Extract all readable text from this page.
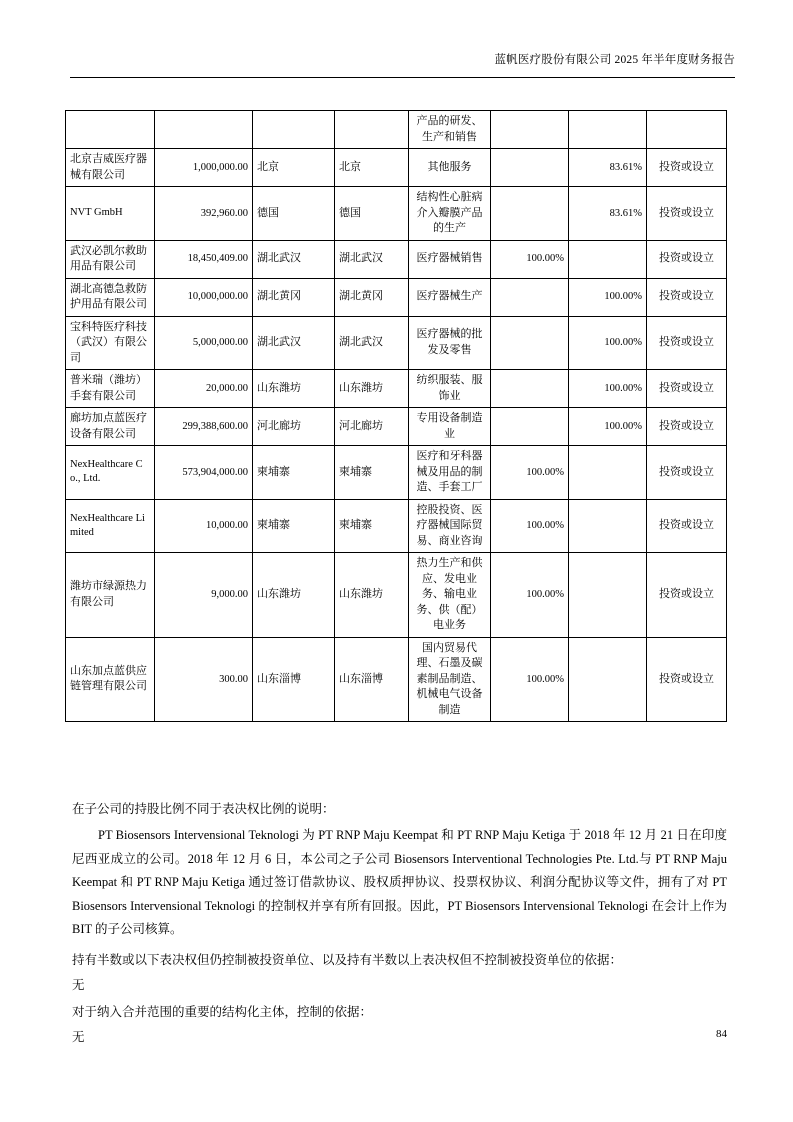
蓝帆医疗股份有限公司 2025 年半年度财务报告
				产品的研发、生产和销售			
北京吉威医疗器械有限公司	1,000,000.00	北京	北京	其他服务		83.61%	投资或设立
NVT GmbH	392,960.00	德国	德国	结构性心脏病介入瓣膜产品的生产		83.61%	投资或设立
武汉必凯尔救助用品有限公司	18,450,409.00	湖北武汉	湖北武汉	医疗器械销售	100.00%		投资或设立
湖北高德急救防护用品有限公司	10,000,000.00	湖北黄冈	湖北黄冈	医疗器械生产		100.00%	投资或设立
宝科特医疗科技（武汉）有限公司	5,000,000.00	湖北武汉	湖北武汉	医疗器械的批发及零售		100.00%	投资或设立
普米瑞（潍坊）手套有限公司	20,000.00	山东潍坊	山东潍坊	纺织服装、服饰业		100.00%	投资或设立
廊坊加点蓝医疗设备有限公司	299,388,600.00	河北廊坊	河北廊坊	专用设备制造业		100.00%	投资或设立
NexHealthcare Co., Ltd.	573,904,000.00	柬埔寨	柬埔寨	医疗和牙科器械及用品的制造、手套工厂	100.00%		投资或设立
NexHealthcare Limited	10,000.00	柬埔寨	柬埔寨	控股投资、医疗器械国际贸易、商业咨询	100.00%		投资或设立
潍坊市绿源热力有限公司	9,000.00	山东潍坊	山东潍坊	热力生产和供应、发电业务、输电业务、供（配）电业务	100.00%		投资或设立
山东加点蓝供应链管理有限公司	300.00	山东淄博	山东淄博	国内贸易代理、石墨及碳素制品制造、机械电气设备制造	100.00%		投资或设立

在子公司的持股比例不同于表决权比例的说明：

PT Biosensors Intervensional Teknologi 为 PT RNP Maju Keempat 和 PT RNP Maju Ketiga 于 2018 年 12 月 21 日在印度尼西亚成立的公司。2018 年 12 月 6 日，本公司之子公司 Biosensors Interventional Technologies Pte. Ltd.与 PT RNP Maju Keempat 和 PT RNP Maju Ketiga 通过签订借款协议、股权质押协议、投票权协议、利润分配协议等文件，拥有了对 PT Biosensors Intervensional Teknologi 的控制权并享有所有回报。因此，PT Biosensors Intervensional Teknologi 在会计上作为 BIT 的子公司核算。

持有半数或以下表决权但仍控制被投资单位、以及持有半数以上表决权但不控制被投资单位的依据：

无

对于纳入合并范围的重要的结构化主体，控制的依据：

无	84
